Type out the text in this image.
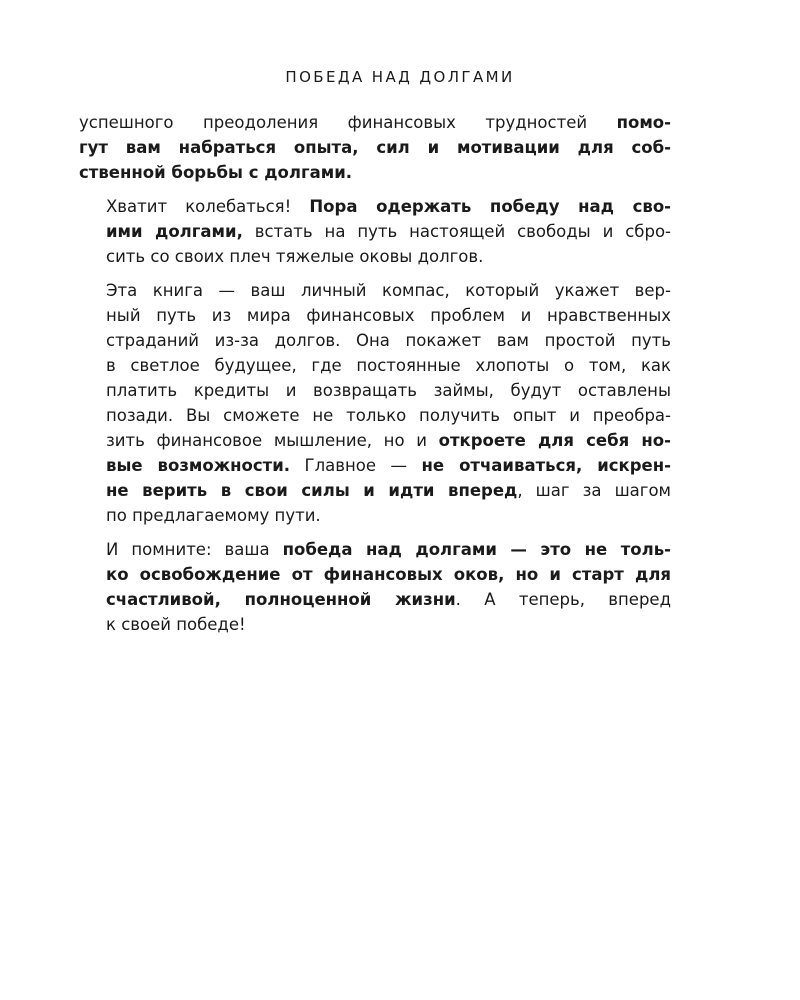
ПОБЕДА НАД ДОЛГАМИ
успешного преодоления финансовых трудностей помо-
гут вам набраться опыта, сил и мотивации для соб-
ственной борьбы с долгами.
Хватит колебаться! Пора одержать победу над сво-
ими долгами, встать на путь настоящей свободы и сбро-
сить со своих плеч тяжелые оковы долгов.
Эта книга — ваш личный компас, который укажет вер-
ный путь из мира финансовых проблем и нравственных
страданий из-за долгов. Она покажет вам простой путь
в светлое будущее, где постоянные хлопоты о том, как
платить кредиты и возвращать займы, будут оставлены
позади. Вы сможете не только получить опыт и преобра-
зить финансовое мышление, но и откроете для себя но-
вые возможности. Главное — не отчаиваться, искрен-
не верить в свои силы и идти вперед, шаг за шагом
по предлагаемому пути.
И помните: ваша победа над долгами — это не толь-
ко освобождение от финансовых оков, но и старт для
счастливой, полноценной жизни. А теперь, вперед
к своей победе!
